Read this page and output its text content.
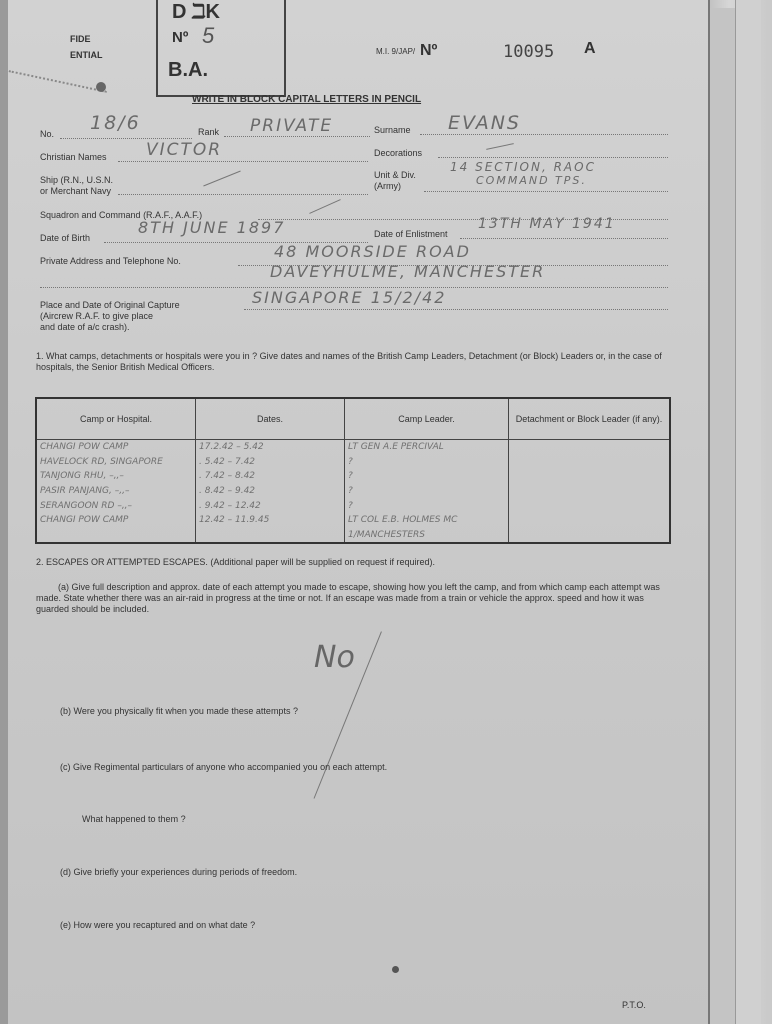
D ℶK
Nº 5
B.A.
FIDE
ENTIAL	M.I. 9/JAP/ Nº	10095 A
WRITE IN BLOCK CAPITAL LETTERS IN PENCIL
No. 18/6	Rank PRIVATE	Surname EVANS
Christian Names VICTOR	Decorations
Ship (R.N., U.S.N.
or Merchant Navy
Unit & Div.
(Army)
14 SECTION, RAOC
COMMAND TPS.
Squadron and Command (R.A.F., A.A.F.)
Date of Birth
8TH JUNE 1897	Date of Enlistment
13TH MAY 1941
Private Address and Telephone No.	48 MOORSIDE ROAD
DAVEYHULME, MANCHESTER
Place and Date of Original Capture
(Aircrew R.A.F. to give place
and date of a/c crash).
SINGAPORE 15/2/42
1. What camps, detachments or hospitals were you in ? Give dates and names of the British Camp Leaders, Detachment (or Block) Leaders or, in the case of hospitals, the Senior British Medical Officers.
Camp or Hospital.	Dates.	Camp Leader.	Detachment or Block Leader (if any).
CHANGI POW CAMP	17.2.42 – 5.42	LT GEN A.E PERCIVAL	
HAVELOCK RD, SINGAPORE	. 5.42 – 7.42	?	
TANJONG RHU, –,,–	. 7.42 – 8.42	?	
PASIR PANJANG, –,,–	. 8.42 – 9.42	?	
SERANGOON RD –,,–	. 9.42 – 12.42	?	
CHANGI POW CAMP	12.42 – 11.9.45	LT COL E.B. HOLMES MC	
		1/MANCHESTERS	
2. ESCAPES OR ATTEMPTED ESCAPES. (Additional paper will be supplied on request if required).
(a) Give full description and approx. date of each attempt you made to escape, showing how you left the camp, and from which camp each attempt was made. State whether there was an air-raid in progress at the time or not. If an escape was made from a train or vehicle the approx. speed and how it was guarded should be included.
No
(b) Were you physically fit when you made these attempts ?
(c) Give Regimental particulars of anyone who accompanied you on each attempt.
What happened to them ?
(d) Give briefly your experiences during periods of freedom.
(e) How were you recaptured and on what date ?
P.T.O.
